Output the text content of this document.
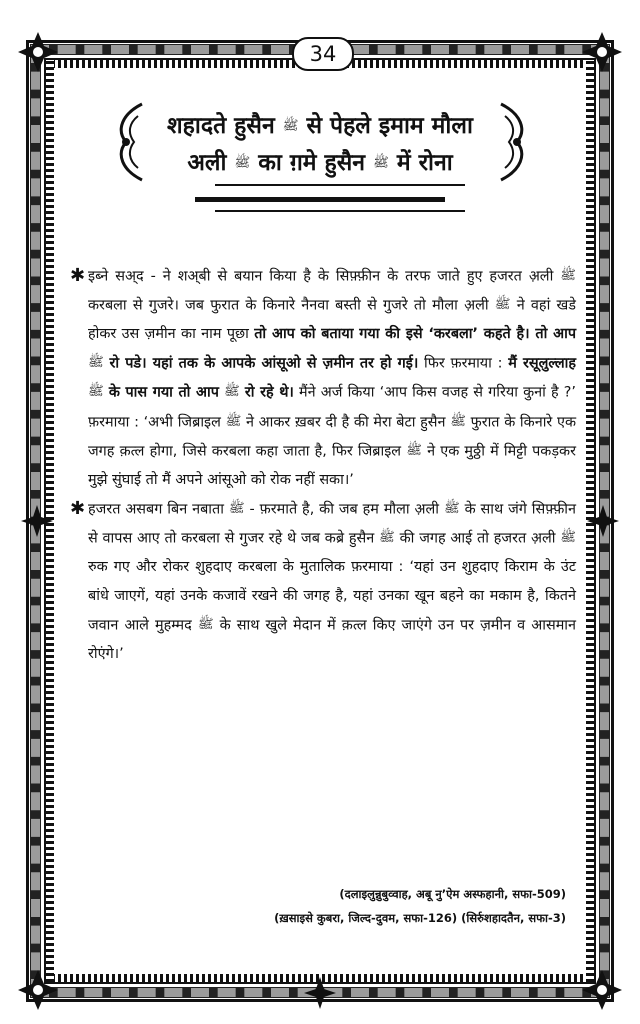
34
शहादते हुसैन ﷺ से पेहले इमाम मौला
अली ﷺ का ग़मे हुसैन ﷺ में रोना

✱ इब्ने सअ्द - ने शअ्बी से बयान किया है के सिफ़्फ़ीन के तरफ जाते हुए हजरत अ़ली ﷺ करबला से गुजरे। जब फुरात के किनारे नैनवा बस्ती से गुजरे तो मौला अ़ली ﷺ ने वहां खडे होकर उस ज़मीन का नाम पूछा तो आप को बताया गया की इसे ‘करबला’ कहते है। तो आप ﷺ रो पडे। यहां तक के आपके आंसूओ से ज़मीन तर हो गई। फिर फ़रमाया : मैं रसूलुल्लाह ﷺ के पास गया तो आप ﷺ रो रहे थे। मैंने अर्ज किया ‘आप किस वजह से गरिया कुनां है ?’ फ़रमाया : ‘अभी जिब्राइल ﷺ ने आकर ख़बर दी है की मेरा बेटा हुसैन ﷺ फुरात के किनारे एक जगह क़त्ल होगा, जिसे करबला कहा जाता है, फिर जिब्राइल ﷺ ने एक मुठ्ठी में मिट्टी पकड़कर मुझे सुंघाई तो मैं अपने आंसूओ को रोक नहीं सका।’

✱ हजरत असबग बिन नबाता ﷺ - फ़रमाते है, की जब हम मौला अ़ली ﷺ के साथ जंगे सिफ़्फ़ीन से वापस आए तो करबला से गुजर रहे थे जब कब्रे हुसैन ﷺ की जगह आई तो हजरत अ़ली ﷺ रुक गए और रोकर शुहदाए करबला के मुतालिक फ़रमाया : ‘यहां उन शुहदाए किराम के उंट बांधे जाएगें, यहां उनके कजावें रखने की जगह है, यहां उनका खून बहने का मकाम है, कितने जवान आले मुहम्मद ﷺ के साथ खुले मेदान में क़त्ल किए जाएंगे उन पर ज़मीन व आसमान रोएंगे।’

(दलाइलुन्नुबुव्वाह, अबू नु’ऐम अस्फहानी, सफा-509)
(ख़साइसे कुबरा, जिल्द-दुवम, सफा-126) (सिर्रुशहादतैन, सफा-3)
